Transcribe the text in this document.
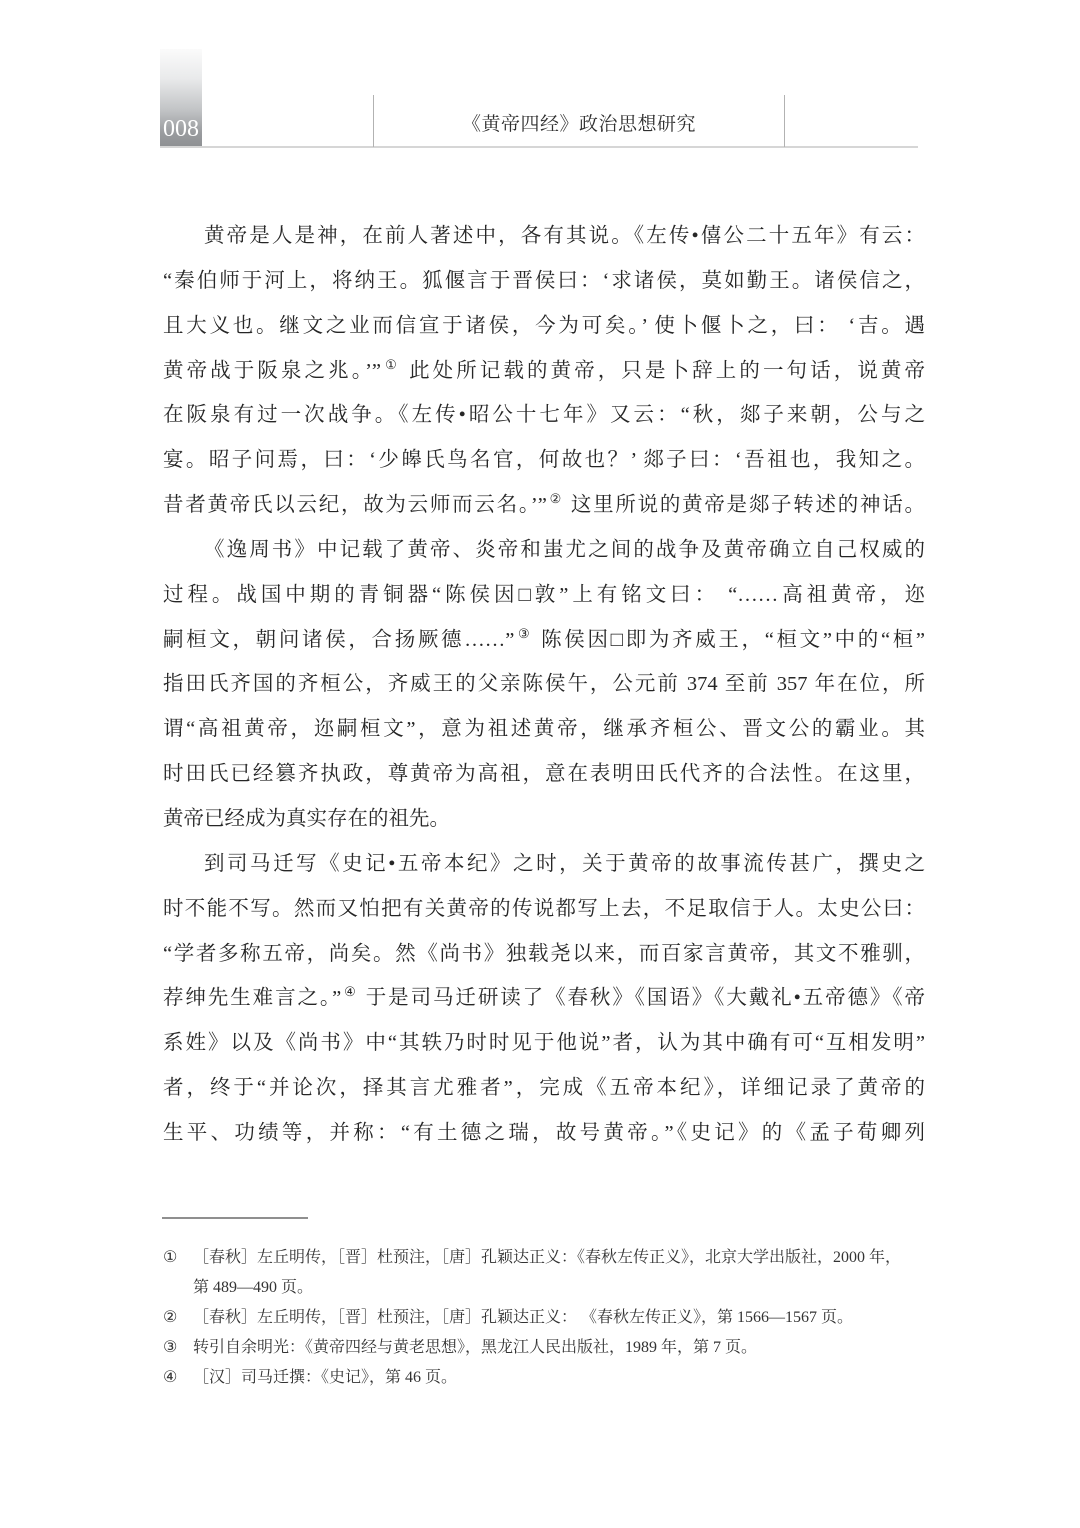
008	《黄帝四经》政治思想研究
黄帝是人是神，在前人著述中，各有其说。《左传•僖公二十五年》有云：
“秦伯师于河上，将纳王。狐偃言于晋侯曰：‘求诸侯，莫如勤王。诸侯信之，
且大义也。继文之业而信宣于诸侯，今为可矣。’ 使卜偃卜之，曰： ‘吉。遇
黄帝战于阪泉之兆。’”① 此处所记载的黄帝，只是卜辞上的一句话，说黄帝
在阪泉有过一次战争。《左传•昭公十七年》又云：“秋，郯子来朝，公与之
宴。昭子问焉，曰：‘少皞氏鸟名官，何故也？’ 郯子曰：‘吾祖也，我知之。
昔者黄帝氏以云纪，故为云师而云名。’”② 这里所说的黄帝是郯子转述的神话。
《逸周书》中记载了黄帝、炎帝和蚩尤之间的战争及黄帝确立自己权威的
过程。战国中期的青铜器“陈侯因□敦”上有铭文曰： “……高祖黄帝，迩
嗣桓文，朝问诸侯，合扬厥德……”③ 陈侯因□即为齐威王，“桓文”中的“桓”
指田氏齐国的齐桓公，齐威王的父亲陈侯午，公元前 374 至前 357 年在位，所
谓“高祖黄帝，迩嗣桓文”，意为祖述黄帝，继承齐桓公、晋文公的霸业。其
时田氏已经篡齐执政，尊黄帝为高祖，意在表明田氏代齐的合法性。在这里，
黄帝已经成为真实存在的祖先。
到司马迁写《史记•五帝本纪》之时，关于黄帝的故事流传甚广，撰史之
时不能不写。然而又怕把有关黄帝的传说都写上去，不足取信于人。太史公曰：
“学者多称五帝，尚矣。然《尚书》独载尧以来，而百家言黄帝，其文不雅驯，
荐绅先生难言之。”④ 于是司马迁研读了《春秋》《国语》《大戴礼•五帝德》《帝
系姓》以及《尚书》中“其轶乃时时见于他说”者，认为其中确有可“互相发明”
者，终于“并论次，择其言尤雅者”，完成《五帝本纪》，详细记录了黄帝的
生平、功绩等，并称：“有土德之瑞，故号黄帝。”《史记》的《孟子荀卿列
① ［春秋］左丘明传，［晋］杜预注，［唐］孔颖达正义：《春秋左传正义》，北京大学出版社，2000 年，
第 489—490 页。
② ［春秋］左丘明传，［晋］杜预注，［唐］孔颖达正义： 《春秋左传正义》，第 1566—1567 页。
③ 转引自余明光：《黄帝四经与黄老思想》，黑龙江人民出版社，1989 年，第 7 页。
④ ［汉］司马迁撰：《史记》，第 46 页。
